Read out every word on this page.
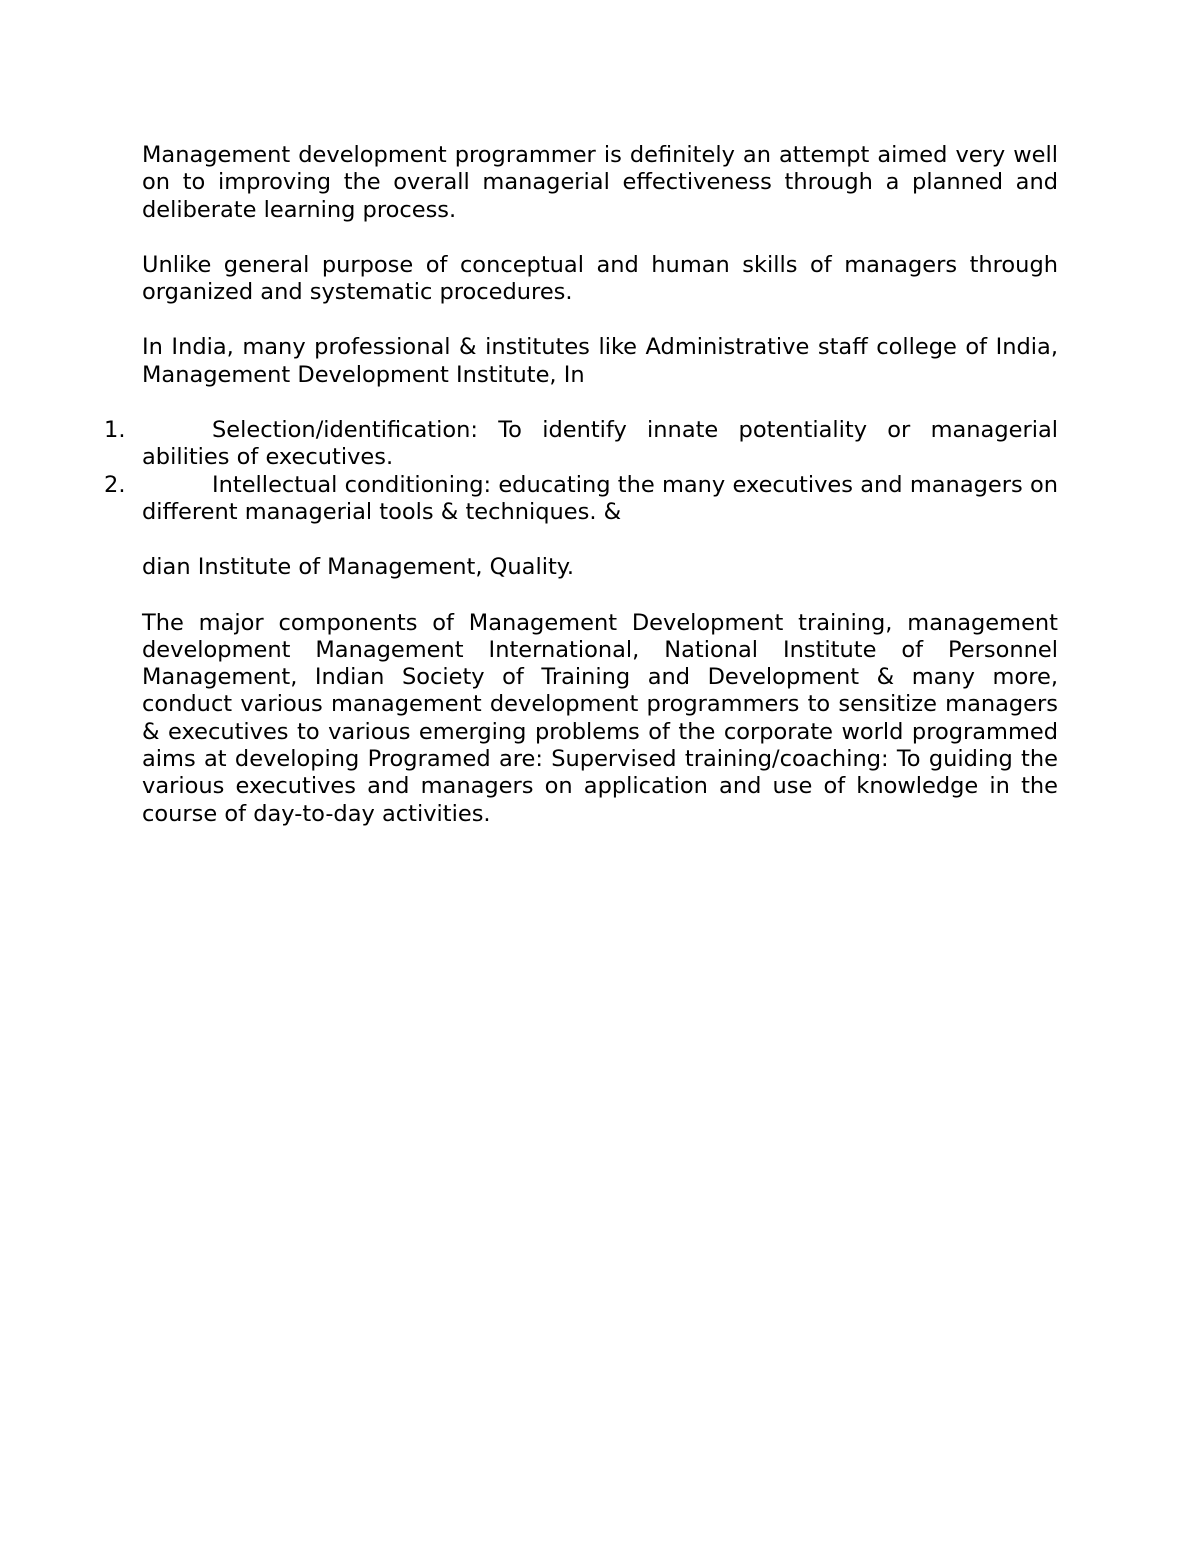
Management development programmer is definitely an attempt aimed very well on to improving the overall managerial effectiveness through a planned and deliberate learning process.

Unlike general purpose of conceptual and human skills of managers through organized and systematic procedures.

In India, many professional & institutes like Administrative staff college of India, Management Development Institute, In

1.	Selection/identification: To identify innate potentiality or managerial abilities of executives.
2.	Intellectual conditioning: educating the many executives and managers on different managerial tools & techniques. &

dian Institute of Management, Quality.

The major components of Management Development training, management development Management International, National Institute of Personnel Management, Indian Society of Training and Development & many more, conduct various management development programmers to sensitize managers & executives to various emerging problems of the corporate world programmed aims at developing Programed are: Supervised training/coaching: To guiding the various executives and managers on application and use of knowledge in the course of day-to-day activities.
